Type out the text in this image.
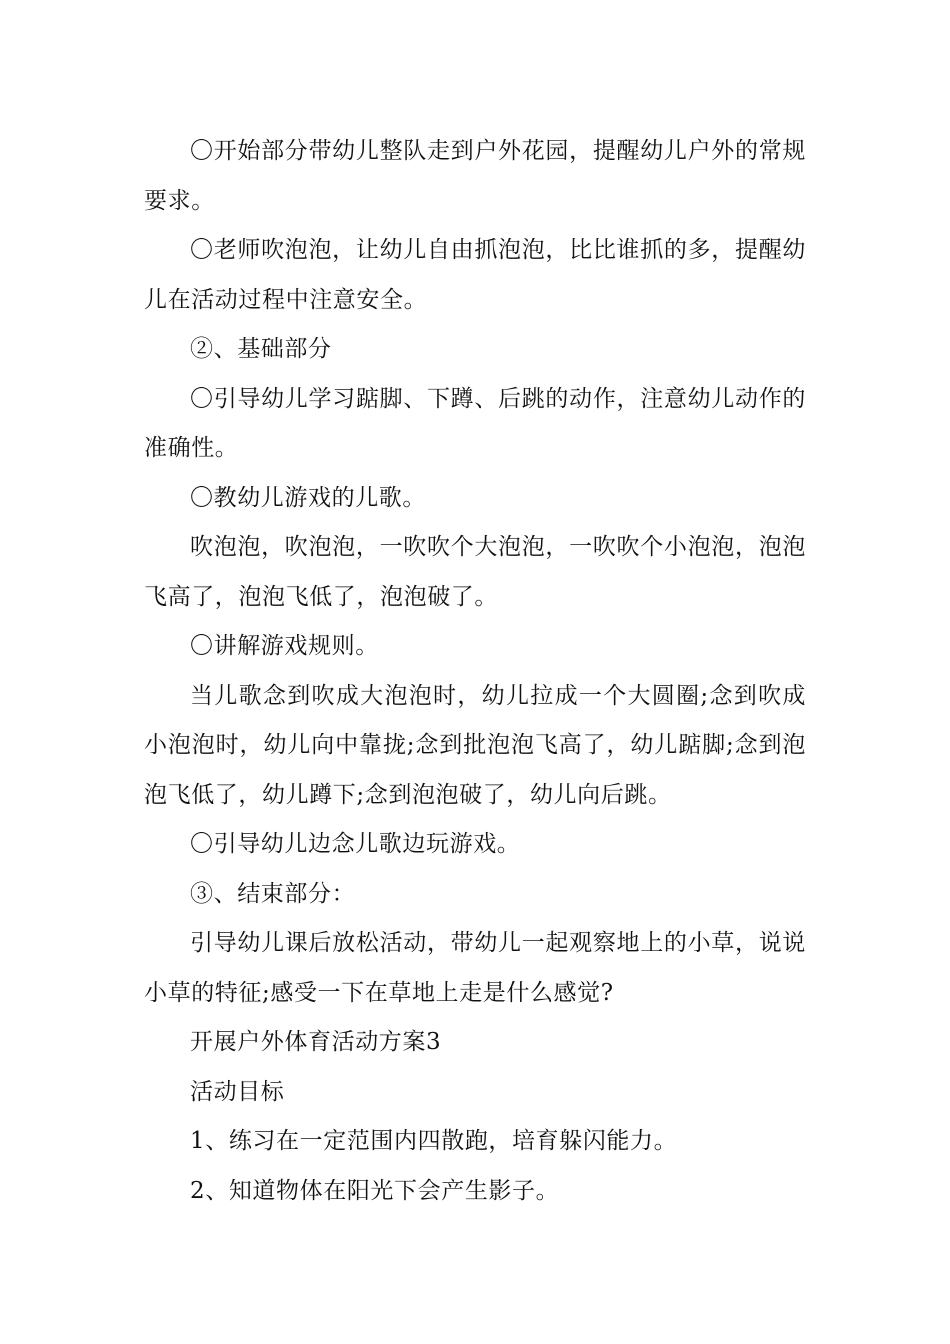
〇开始部分带幼儿整队走到户外花园，提醒幼儿户外的常规要求。

〇老师吹泡泡，让幼儿自由抓泡泡，比比谁抓的多，提醒幼儿在活动过程中注意安全。

②、基础部分

〇引导幼儿学习踮脚、下蹲、后跳的动作，注意幼儿动作的准确性。

〇教幼儿游戏的儿歌。

吹泡泡，吹泡泡，一吹吹个大泡泡，一吹吹个小泡泡，泡泡飞高了，泡泡飞低了，泡泡破了。

〇讲解游戏规则。

当儿歌念到吹成大泡泡时，幼儿拉成一个大圆圈;念到吹成小泡泡时，幼儿向中靠拢;念到批泡泡飞高了，幼儿踮脚;念到泡泡飞低了，幼儿蹲下;念到泡泡破了，幼儿向后跳。

〇引导幼儿边念儿歌边玩游戏。

③、结束部分：

引导幼儿课后放松活动，带幼儿一起观察地上的小草，说说小草的特征;感受一下在草地上走是什么感觉?

开展户外体育活动方案3

活动目标

1、练习在一定范围内四散跑，培育躲闪能力。

2、知道物体在阳光下会产生影子。
